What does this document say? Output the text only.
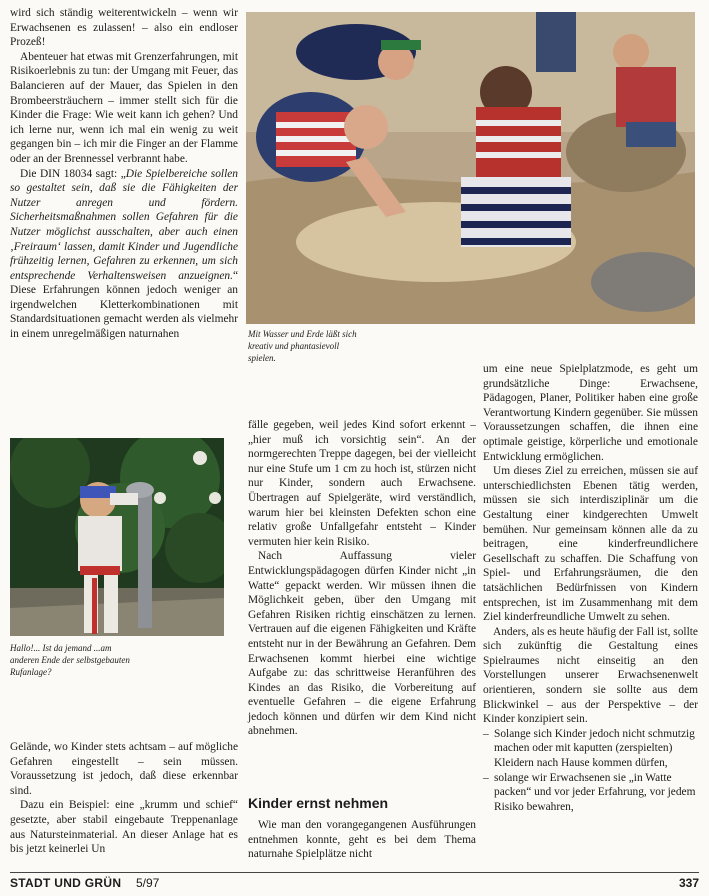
wird sich ständig weiterentwickeln – wenn wir Erwachsenen es zulassen! – also ein endloser Prozeß!

Abenteuer hat etwas mit Grenzerfahrungen, mit Risikoerlebnis zu tun: der Umgang mit Feuer, das Balancieren auf der Mauer, das Spielen in den Brombeersträuchern – immer stellt sich für die Kinder die Frage: Wie weit kann ich gehen? Und ich lerne nur, wenn ich mal ein wenig zu weit gegangen bin – ich mir die Finger an der Flamme oder an der Brennessel verbrannt habe.

Die DIN 18034 sagt: „Die Spielbereiche sollen so gestaltet sein, daß sie die Fähigkeiten der Nutzer anregen und fördern. Sicherheitsmaßnahmen sollen Gefahren für die Nutzer möglichst ausschalten, aber auch einen ‚Freiraum‘ lassen, damit Kinder und Jugendliche frühzeitig lernen, Gefahren zu erkennen, um sich entsprechende Verhaltensweisen anzueignen.“ Diese Erfahrungen können jedoch weniger an irgendwelchen Kletterkombinationen mit Standardsituationen gemacht werden als vielmehr in einem unregelmäßigen naturnahen	Mit Wasser und Erde läßt sich kreativ und phantasievoll spielen.
Hallo!... Ist da jemand ...am anderen Ende der selbstgebauten Rufanlage?

Gelände, wo Kinder stets achtsam – auf mögliche Gefahren eingestellt – sein müssen. Voraussetzung ist jedoch, daß diese erkennbar sind.

Dazu ein Beispiel: eine „krumm und schief“ gesetzte, aber stabil eingebaute Treppenanlage aus Natursteinmaterial. An dieser Anlage hat es bis jetzt keinerlei Un

fälle gegeben, weil jedes Kind sofort erkennt – „hier muß ich vorsichtig sein“. An der normgerechten Treppe dagegen, bei der vielleicht nur eine Stufe um 1 cm zu hoch ist, stürzen nicht nur Kinder, sondern auch Erwachsene. Übertragen auf Spielgeräte, wird verständlich, warum hier bei kleinsten Defekten schon eine relativ große Unfallgefahr entsteht – Kinder vermuten hier kein Risiko.

Nach Auffassung vieler Entwicklungspädagogen dürfen Kinder nicht „in Watte“ gepackt werden. Wir müssen ihnen die Möglichkeit geben, über den Umgang mit Gefahren Risiken richtig einschätzen zu lernen. Vertrauen auf die eigenen Fähigkeiten und Kräfte entsteht nur in der Bewährung an Gefahren. Dem Erwachsenen kommt hierbei eine wichtige Aufgabe zu: das schrittweise Heranführen des Kindes an das Risiko, die Vorbereitung auf eventuelle Gefahren – die eigene Erfahrung jedoch können und dürfen wir dem Kind nicht abnehmen.

Kinder ernst nehmen

Wie man den vorangegangenen Ausführungen entnehmen konnte, geht es bei dem Thema naturnahe Spielplätze nicht

um eine neue Spielplatzmode, es geht um grundsätzliche Dinge: Erwachsene, Pädagogen, Planer, Politiker haben eine große Verantwortung Kindern gegenüber. Sie müssen Voraussetzungen schaffen, die ihnen eine optimale geistige, körperliche und emotionale Entwicklung ermöglichen.

Um dieses Ziel zu erreichen, müssen sie auf unterschiedlichsten Ebenen tätig werden, müssen sie sich interdisziplinär um die Gestaltung einer kindgerechten Umwelt bemühen. Nur gemeinsam können alle da zu beitragen, eine kinderfreundlichere Gesellschaft zu schaffen. Die Schaffung von Spiel- und Erfahrungsräumen, die den tatsächlichen Bedürfnissen von Kindern entsprechen, ist im Zusammenhang mit dem Ziel kinderfreundliche Umwelt zu sehen.

Anders, als es heute häufig der Fall ist, sollte sich zukünftig die Gestaltung eines Spielraumes nicht einseitig an den Vorstellungen unserer Erwachsenenwelt orientieren, sondern sie sollte aus dem Blickwinkel – aus der Perspektive – der Kinder konzipiert sein.

– Solange sich Kinder jedoch nicht schmutzig machen oder mit kaputten (zerspielten) Kleidern nach Hause kommen dürfen,
– solange wir Erwachsenen sie „in Watte packen“ und vor jeder Erfahrung, vor jedem Risiko bewahren,
STADT UND GRÜN 5/97	337
